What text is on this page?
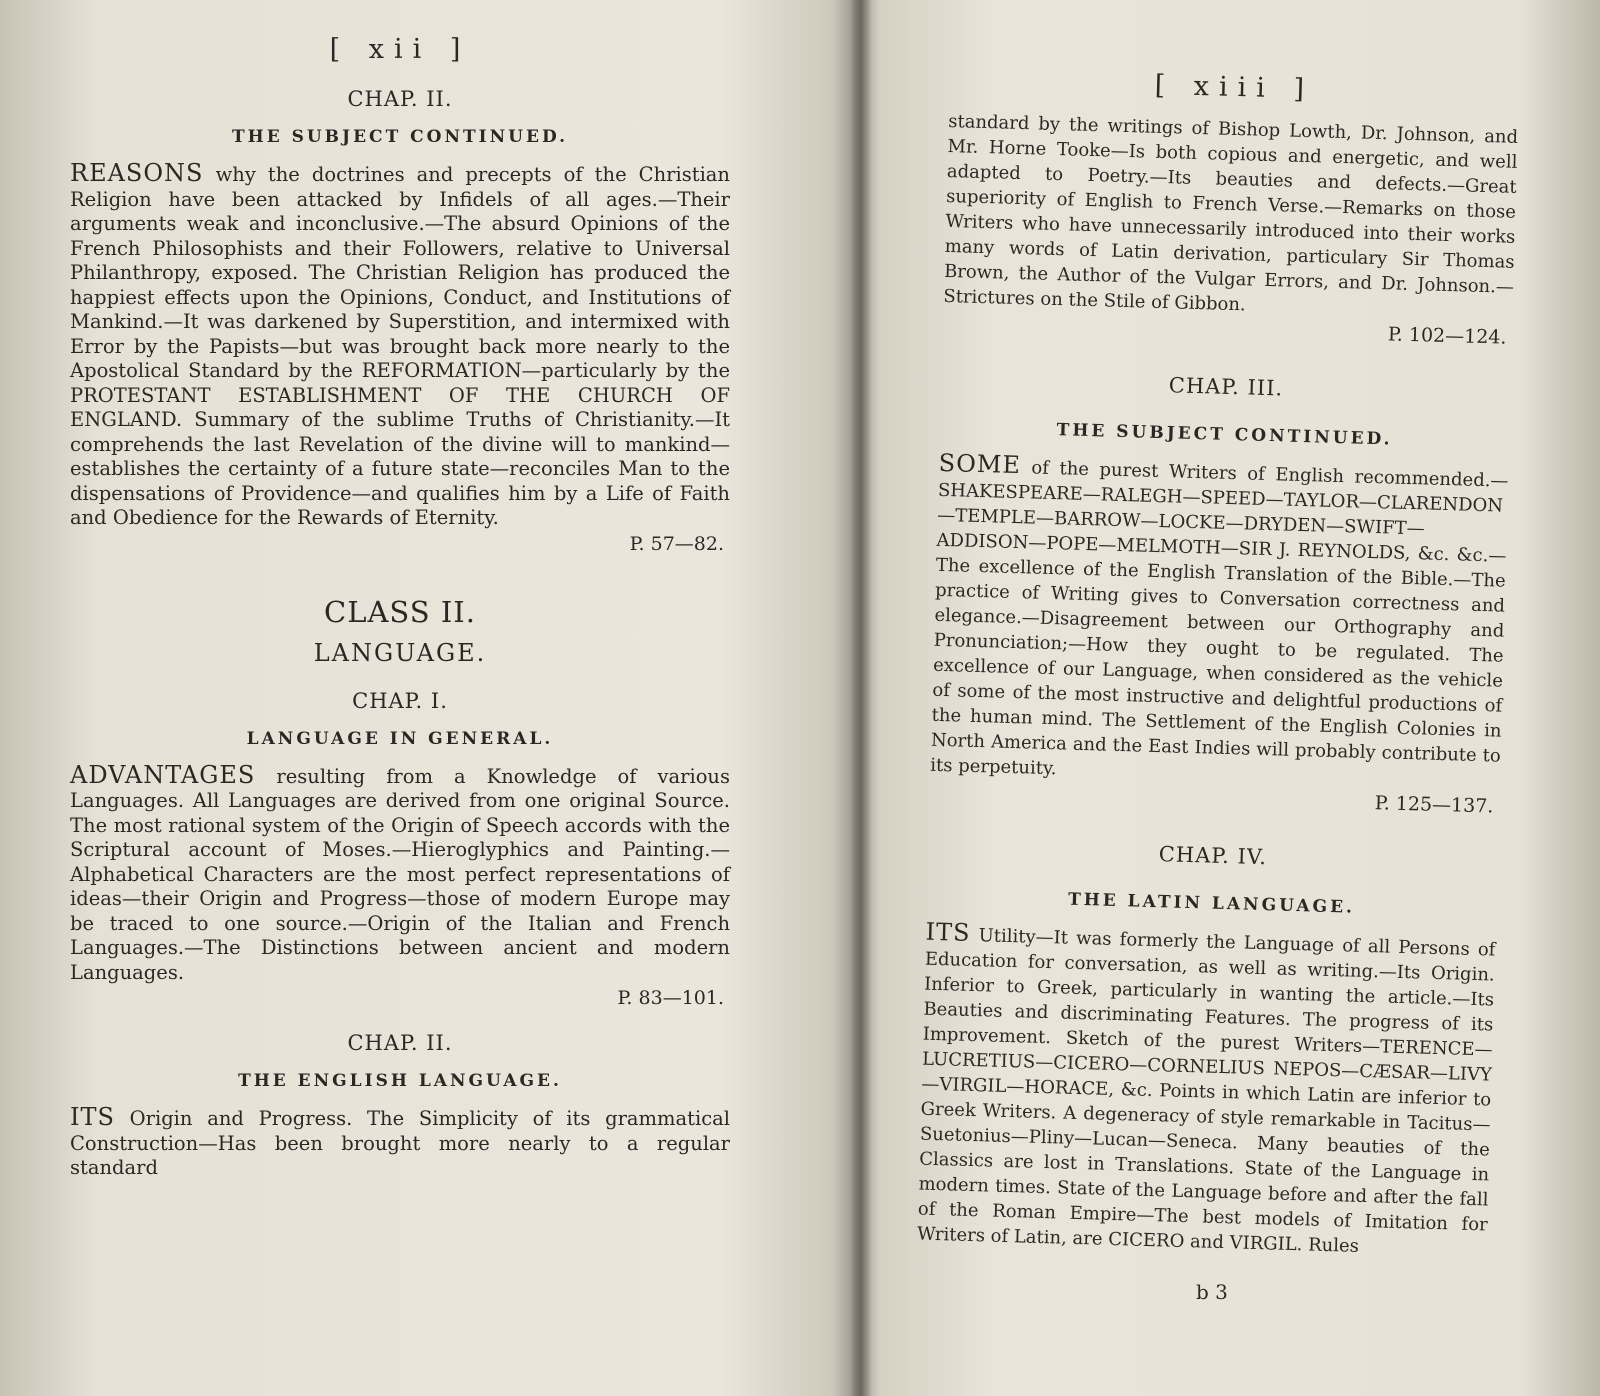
[ xii ]
CHAP. II.
THE SUBJECT CONTINUED.

REASONS why the doctrines and precepts of the Christian Religion have been attacked by Infidels of all ages.—Their arguments weak and inconclusive.—The absurd Opinions of the French Philosophists and their Followers, relative to Universal Philanthropy, exposed. The Christian Religion has produced the happiest effects upon the Opinions, Conduct, and Institutions of Mankind.—It was darkened by Superstition, and intermixed with Error by the Papists—but was brought back more nearly to the Apostolical Standard by the REFORMATION—particularly by the PROTESTANT ESTABLISHMENT OF THE CHURCH OF ENGLAND. Summary of the sublime Truths of Christianity.—It comprehends the last Revelation of the divine will to mankind—establishes the certainty of a future state—reconciles Man to the dispensations of Providence—and qualifies him by a Life of Faith and Obedience for the Rewards of Eternity.

P. 57—82.
CLASS II.
LANGUAGE.
CHAP. I.
LANGUAGE IN GENERAL.

ADVANTAGES resulting from a Knowledge of various Languages. All Languages are derived from one original Source. The most rational system of the Origin of Speech accords with the Scriptural account of Moses.—Hieroglyphics and Painting.—Alphabetical Characters are the most perfect representations of ideas—their Origin and Progress—those of modern Europe may be traced to one source.—Origin of the Italian and French Languages.—The Distinctions between ancient and modern Languages.

P. 83—101.
CHAP. II.
THE ENGLISH LANGUAGE.

ITS Origin and Progress. The Simplicity of its grammatical Construction—Has been brought more nearly to a regular standard

[ xiii ]

standard by the writings of Bishop Lowth, Dr. Johnson, and Mr. Horne Tooke—Is both copious and energetic, and well adapted to Poetry.—Its beauties and defects.—Great superiority of English to French Verse.—Remarks on those Writers who have unnecessarily introduced into their works many words of Latin derivation, particulary Sir Thomas Brown, the Author of the Vulgar Errors, and Dr. Johnson.—Strictures on the Stile of Gibbon.

P. 102—124.
CHAP. III.
THE SUBJECT CONTINUED.

SOME of the purest Writers of English recommended.—SHAKESPEARE—RALEGH—SPEED—TAYLOR—CLARENDON—TEMPLE—BARROW—LOCKE—DRYDEN—SWIFT—ADDISON—POPE—MELMOTH—SIR J. REYNOLDS, &c. &c.—The excellence of the English Translation of the Bible.—The practice of Writing gives to Conversation correctness and elegance.—Disagreement between our Orthography and Pronunciation;—How they ought to be regulated. The excellence of our Language, when considered as the vehicle of some of the most instructive and delightful productions of the human mind. The Settlement of the English Colonies in North America and the East Indies will probably contribute to its perpetuity.

P. 125—137.
CHAP. IV.
THE LATIN LANGUAGE.

ITS Utility—It was formerly the Language of all Persons of Education for conversation, as well as writing.—Its Origin. Inferior to Greek, particularly in wanting the article.—Its Beauties and discriminating Features. The progress of its Improvement. Sketch of the purest Writers—TERENCE—LUCRETIUS—CICERO—CORNELIUS NEPOS—CÆSAR—LIVY—VIRGIL—HORACE, &c. Points in which Latin are inferior to Greek Writers. A degeneracy of style remarkable in Tacitus—Suetonius—Pliny—Lucan—Seneca. Many beauties of the Classics are lost in Translations. State of the Language in modern times. State of the Language before and after the fall of the Roman Empire—The best models of Imitation for Writers of Latin, are CICERO and VIRGIL. Rules

b 3
